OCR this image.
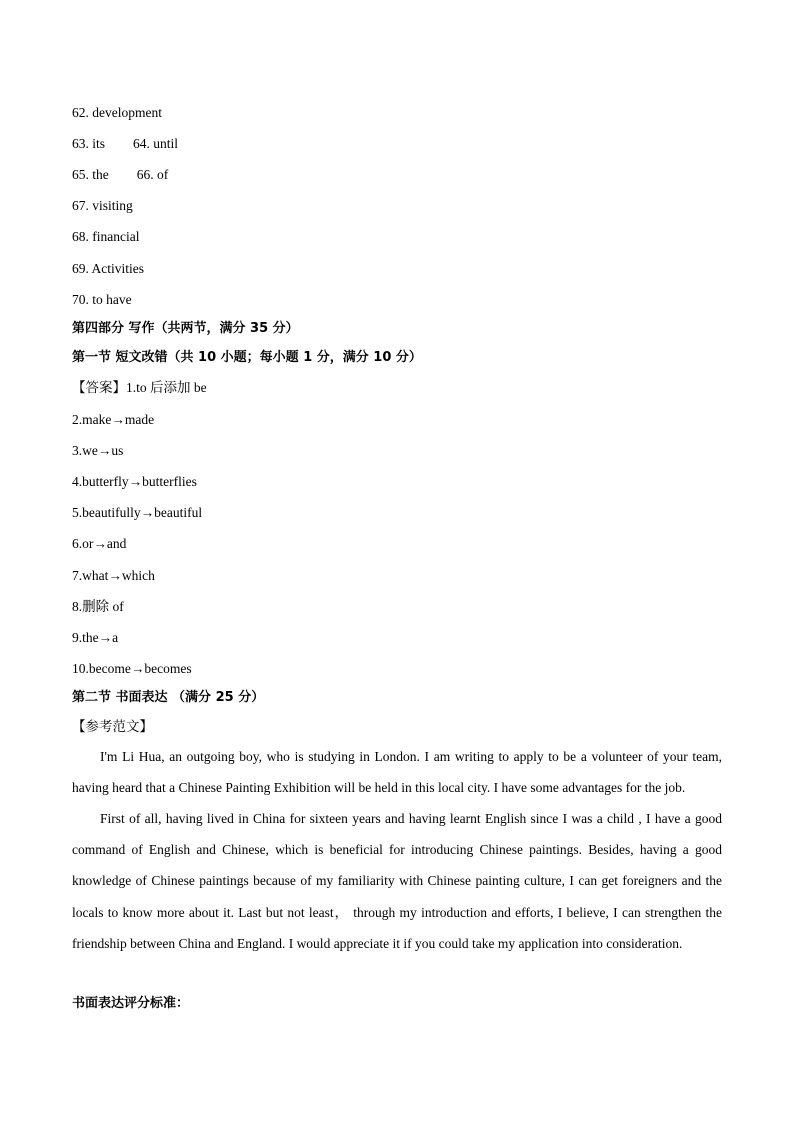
62. development
63. its 64. until
65. the 66. of
67. visiting
68. financial
69. Activities
70. to have
第四部分 写作（共两节，满分 35 分）
第一节 短文改错（共 10 小题；每小题 1 分，满分 10 分）
【答案】1.to 后添加 be
2.make→made
3.we→us
4.butterfly→butterflies
5.beautifully→beautiful
6.or→and
7.what→which
8.删除 of
9.the→a
10.become→becomes
第二节 书面表达 （满分 25 分）
【参考范文】
I'm Li Hua, an outgoing boy, who is studying in London. I am writing to apply to be a volunteer of your team, having heard that a Chinese Painting Exhibition will be held in this local city. I have some advantages for the job.
First of all, having lived in China for sixteen years and having learnt English since I was a child , I have a good command of English and Chinese, which is beneficial for introducing Chinese paintings. Besides, having a good knowledge of Chinese paintings because of my familiarity with Chinese painting culture, I can get foreigners and the locals to know more about it. Last but not least， through my introduction and efforts, I believe, I can strengthen the friendship between China and England. I would appreciate it if you could take my application into consideration.
书面表达评分标准：
